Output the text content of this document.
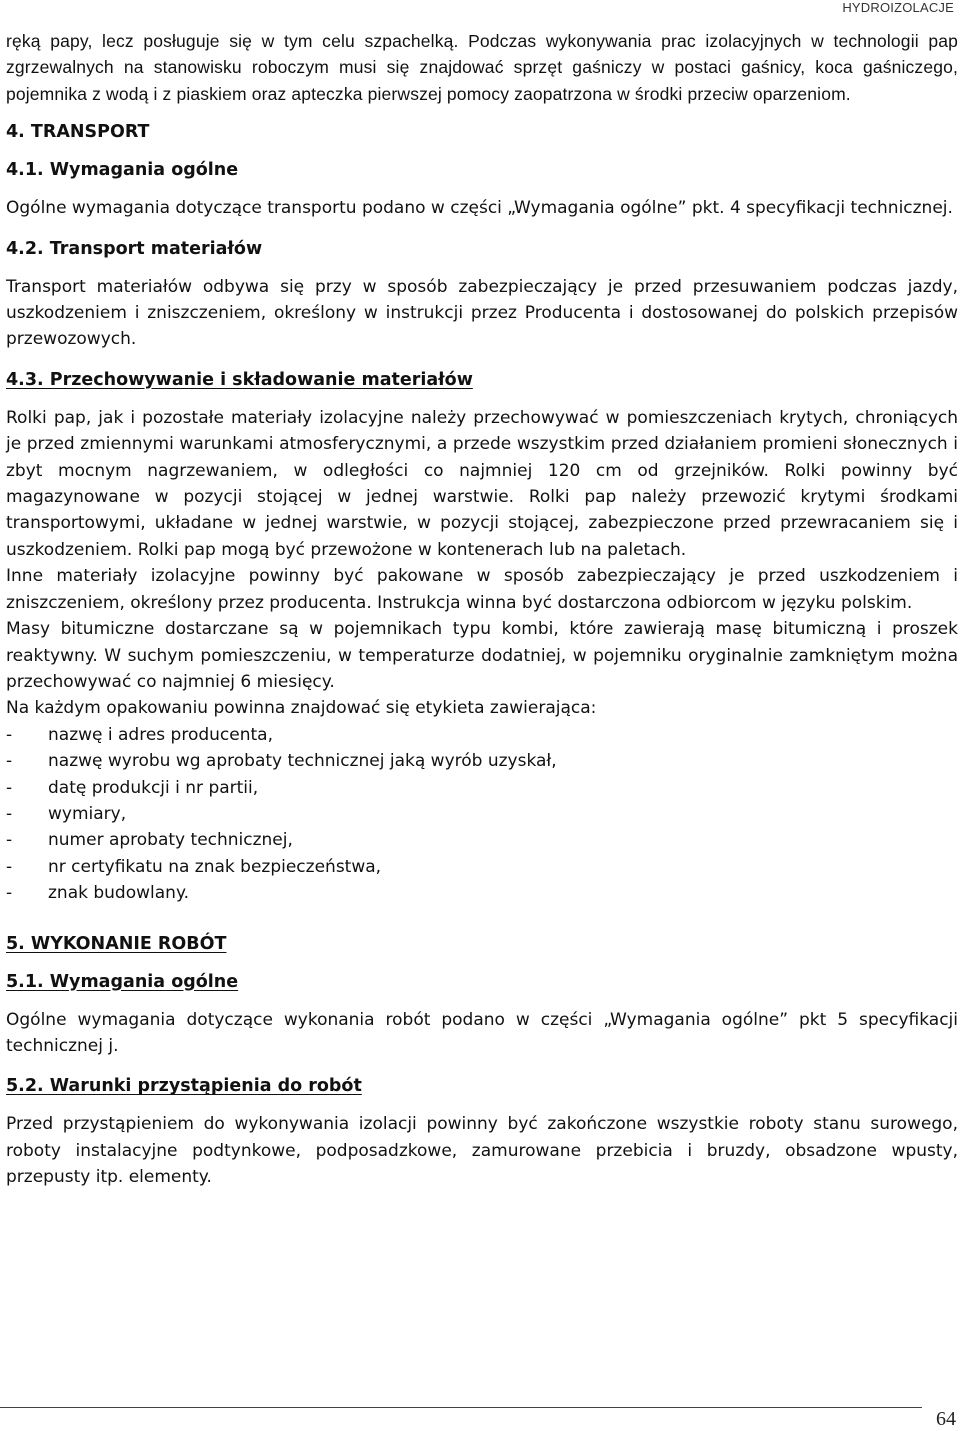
HYDROIZOLACJE

ręką papy, lecz posługuje się w tym celu szpachelką. Podczas wykonywania prac izolacyjnych w technologii pap zgrzewalnych na stanowisku roboczym musi się znajdować sprzęt gaśniczy w postaci gaśnicy, koca gaśniczego, pojemnika z wodą i z piaskiem oraz apteczka pierwszej pomocy zaopatrzona w środki przeciw oparzeniom.

4. TRANSPORT
4.1. Wymagania ogólne

Ogólne wymagania dotyczące transportu podano w części „Wymagania ogólne” pkt. 4 specyfikacji technicznej.

4.2. Transport materiałów

Transport materiałów odbywa się przy w sposób zabezpieczający je przed przesuwaniem podczas jazdy, uszkodzeniem i zniszczeniem, określony w instrukcji przez Producenta i dostosowanej do polskich przepisów przewozowych.

4.3. Przechowywanie i składowanie materiałów

Rolki pap, jak i pozostałe materiały izolacyjne należy przechowywać w pomieszczeniach krytych, chroniących je przed zmiennymi warunkami atmosferycznymi, a przede wszystkim przed działaniem promieni słonecznych i zbyt mocnym nagrzewaniem, w odległości co najmniej 120 cm od grzejników. Rolki powinny być magazynowane w pozycji stojącej w jednej warstwie. Rolki pap należy przewozić krytymi środkami transportowymi, układane w jednej warstwie, w pozycji stojącej, zabezpieczone przed przewracaniem się i uszkodzeniem. Rolki pap mogą być przewożone w kontenerach lub na paletach.

Inne materiały izolacyjne powinny być pakowane w sposób zabezpieczający je przed uszkodzeniem i zniszczeniem, określony przez producenta. Instrukcja winna być dostarczona odbiorcom w języku polskim.

Masy bitumiczne dostarczane są w pojemnikach typu kombi, które zawierają masę bitumiczną i proszek reaktywny. W suchym pomieszczeniu, w temperaturze dodatniej, w pojemniku oryginalnie zamkniętym można przechowywać co najmniej 6 miesięcy.

Na każdym opakowaniu powinna znajdować się etykieta zawierająca:

-	nazwę i adres producenta,
-	nazwę wyrobu wg aprobaty technicznej jaką wyrób uzyskał,
-	datę produkcji i nr partii,
-	wymiary,
-	numer aprobaty technicznej,
-	nr certyfikatu na znak bezpieczeństwa,
-	znak budowlany.
5. WYKONANIE ROBÓT
5.1. Wymagania ogólne

Ogólne wymagania dotyczące wykonania robót podano w części „Wymagania ogólne” pkt 5 specyfikacji technicznej j.

5.2. Warunki przystąpienia do robót

Przed przystąpieniem do wykonywania izolacji powinny być zakończone wszystkie roboty stanu surowego, roboty instalacyjne podtynkowe, podposadzkowe, zamurowane przebicia i bruzdy, obsadzone wpusty, przepusty itp. elementy.

64
